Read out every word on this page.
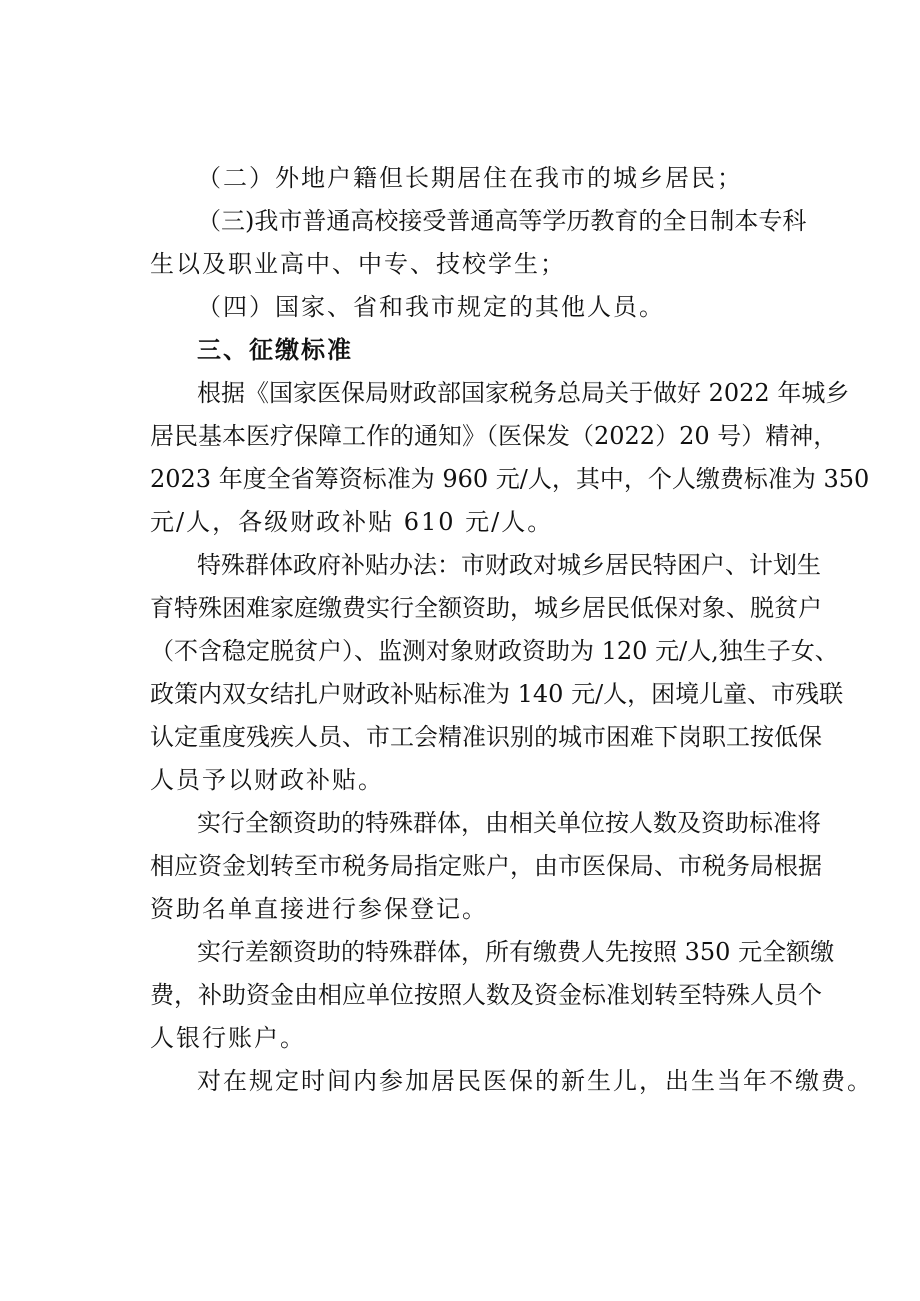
（二）外地户籍但长期居住在我市的城乡居民；

（三)我市普通高校接受普通高等学历教育的全日制本专科

生以及职业高中、中专、技校学生；

（四）国家、省和我市规定的其他人员。

三、征缴标准

根据《国家医保局财政部国家税务总局关于做好 2022 年城乡

居民基本医疗保障工作的通知》（医保发（2022）20 号）精神，

2023 年度全省筹资标准为 960 元/人，其中，个人缴费标准为 350

元/人，各级财政补贴 610 元/人。

特殊群体政府补贴办法：市财政对城乡居民特困户、计划生

育特殊困难家庭缴费实行全额资助，城乡居民低保对象、脱贫户

（不含稳定脱贫户）、监测对象财政资助为 120 元/人,独生子女、

政策内双女结扎户财政补贴标准为 140 元/人，困境儿童、市残联

认定重度残疾人员、市工会精准识别的城市困难下岗职工按低保

人员予以财政补贴。

实行全额资助的特殊群体，由相关单位按人数及资助标准将

相应资金划转至市税务局指定账户，由市医保局、市税务局根据

资助名单直接进行参保登记。

实行差额资助的特殊群体，所有缴费人先按照 350 元全额缴

费，补助资金由相应单位按照人数及资金标准划转至特殊人员个

人银行账户。

对在规定时间内参加居民医保的新生儿，出生当年不缴费。
